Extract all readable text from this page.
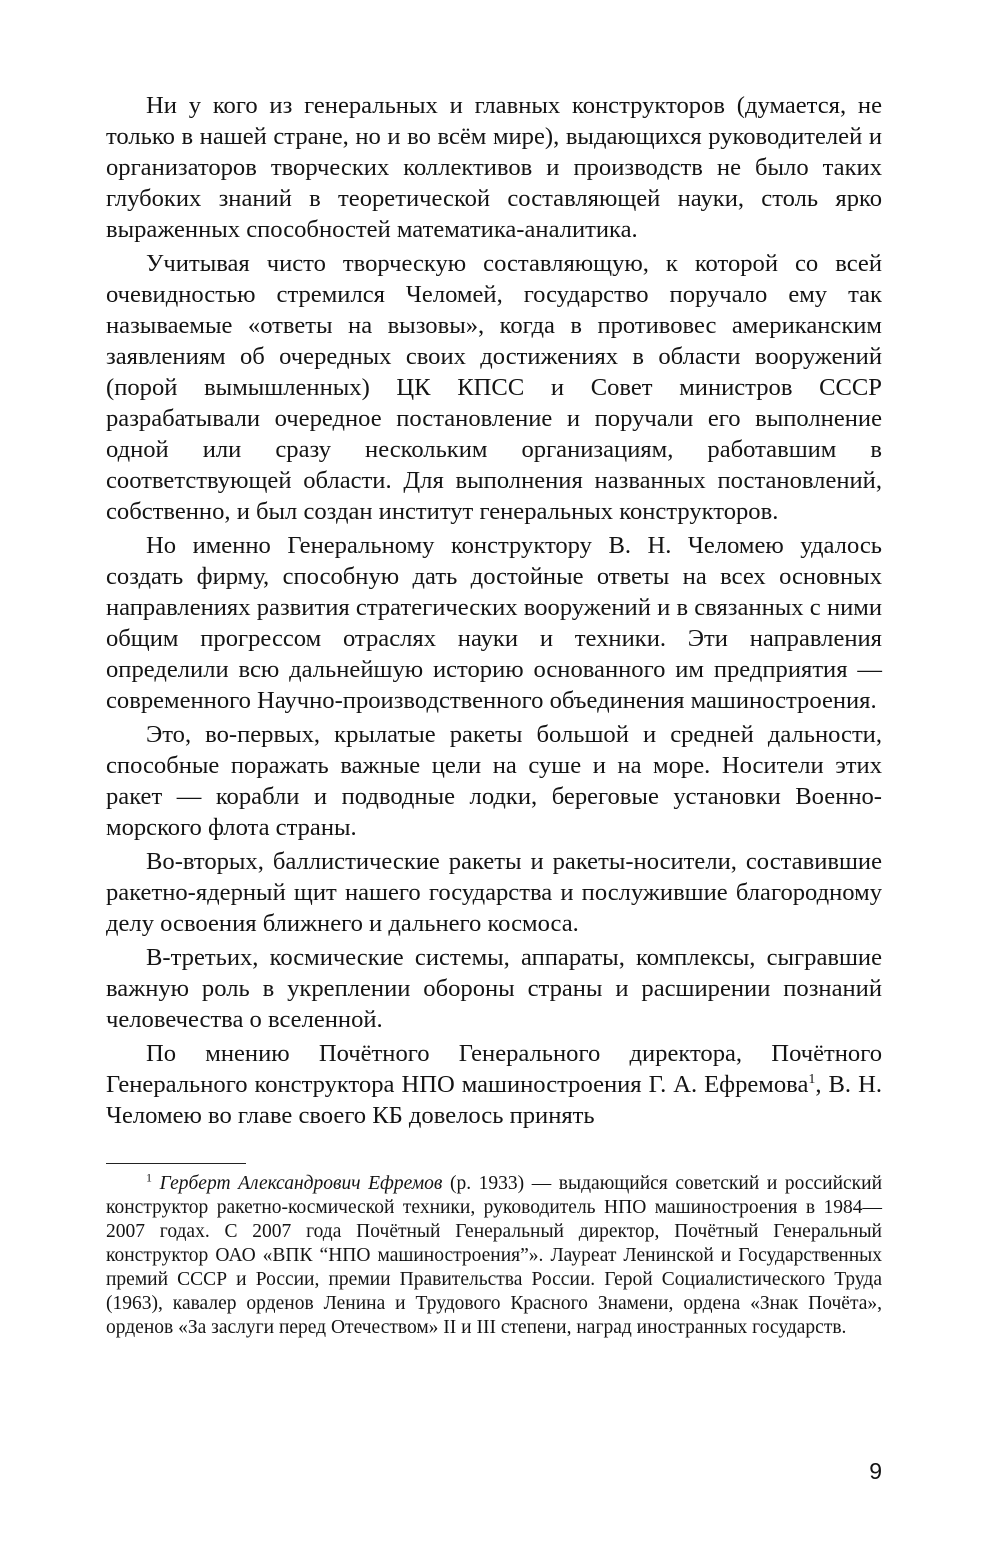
Ни у кого из генеральных и главных конструкторов (думается, не только в нашей стране, но и во всём мире), выдающихся руководителей и организаторов творческих коллективов и производств не было таких глубоких знаний в теоретической составляющей науки, столь ярко выраженных способностей математика-аналитика.

Учитывая чисто творческую составляющую, к которой со всей очевидностью стремился Челомей, государство поручало ему так называемые «ответы на вызовы», когда в противовес американским заявлениям об очередных своих достижениях в области вооружений (порой вымышленных) ЦК КПСС и Совет министров СССР разрабатывали очередное постановление и поручали его выполнение одной или сразу нескольким организациям, работавшим в соответствующей области. Для выполнения названных постановлений, собственно, и был создан институт генеральных конструкторов.

Но именно Генеральному конструктору В. Н. Челомею удалось создать фирму, способную дать достойные ответы на всех основных направлениях развития стратегических вооружений и в связанных с ними общим прогрессом отраслях науки и техники. Эти направления определили всю дальнейшую историю основанного им предприятия — современного Научно-производственного объединения машиностроения.

Это, во-первых, крылатые ракеты большой и средней дальности, способные поражать важные цели на суше и на море. Носители этих ракет — корабли и подводные лодки, береговые установки Военно-морского флота страны.

Во-вторых, баллистические ракеты и ракеты-носители, составившие ракетно-ядерный щит нашего государства и послужившие благородному делу освоения ближнего и дальнего космоса.

В-третьих, космические системы, аппараты, комплексы, сыгравшие важную роль в укреплении обороны страны и расширении познаний человечества о вселенной.

По мнению Почётного Генерального директора, Почётного Генерального конструктора НПО машиностроения Г. А. Ефремова$^1$, В. Н. Челомею во главе своего КБ довелось принять

$^1$ Герберт Александрович Ефремов (р. 1933) — выдающийся советский и российский конструктор ракетно-космической техники, руководитель НПО машиностроения в 1984—2007 годах. С 2007 года Почётный Генеральный директор, Почётный Генеральный конструктор ОАО «ВПК “НПО машиностроения”». Лауреат Ленинской и Государственных премий СССР и России, премии Правительства России. Герой Социалистического Труда (1963), кавалер орденов Ленина и Трудового Красного Знамени, ордена «Знак Почёта», орденов «За заслуги перед Отечеством» II и III степени, наград иностранных государств.

9
